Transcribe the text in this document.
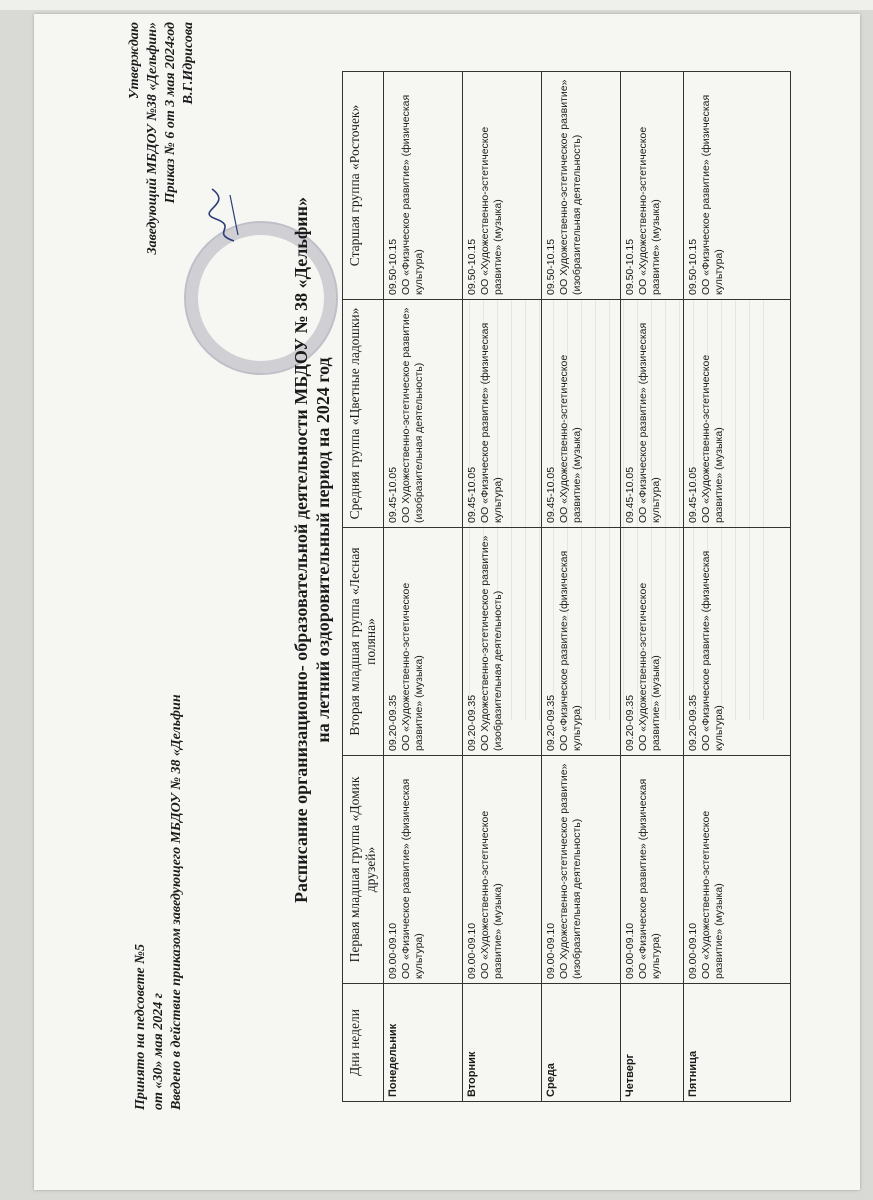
Принято на педсовете №5 от «30» мая 2024 г Введено в действие приказом заведующего МБДОУ № 38 «Дельфин
Утверждаю Заведующий МБДОУ №38 «Дельфин» Приказ № 6 от 3 мая 2024год В.Г.Идрисова
Расписание организационно- образовательной деятельности МБДОУ № 38 «Дельфин» на летний оздоровительный период на 2024 год
Дни недели	Первая младшая группа «Домик друзей»	Вторая младшая группа «Лесная поляна»	Средняя группа «Цветные ладошки»	Старшая группа «Росточек»
Понедельник	09.00-09.10 ОО «Физическое развитие» (физическая культура)	09.20-09.35 ОО «Художественно-эстетическое развитие» (музыка)	09.45-10.05 ОО Художественно-эстетическое развитие» (изобразительная деятельность)	09.50-10.15 ОО «Физическое развитие» (физическая культура)

Вторник	09.00-09.10 ОО «Художественно-эстетическое развитие» (музыка)	09.20-09.35 ОО Художественно-эстетическое развитие» (изобразительная деятельность)	09.45-10.05 ОО «Физическое развитие» (физическая культура)	09.50-10.15 ОО «Художественно-эстетическое развитие» (музыка)

Среда	09.00-09.10 ОО Художественно-эстетическое развитие» (изобразительная деятельность)	09.20-09.35 ОО «Физическое развитие» (физическая культура)	09.45-10.05 ОО «Художественно-эстетическое развитие» (музыка)	09.50-10.15 ОО Художественно-эстетическое развитие» (изобразительная деятельность)

Четверг	09.00-09.10 ОО «Физическое развитие» (физическая культура)	09.20-09.35 ОО «Художественно-эстетическое развитие» (музыка)	09.45-10.05 ОО «Физическое развитие» (физическая культура)	09.50-10.15 ОО «Художественно-эстетическое развитие» (музыка)

Пятница	09.00-09.10 ОО «Художественно-эстетическое развитие» (музыка)	09.20-09.35 ОО «Физическое развитие» (физическая культура)	09.45-10.05 ОО «Художественно-эстетическое развитие» (музыка)	09.50-10.15 ОО «Физическое развитие» (физическая культура)
